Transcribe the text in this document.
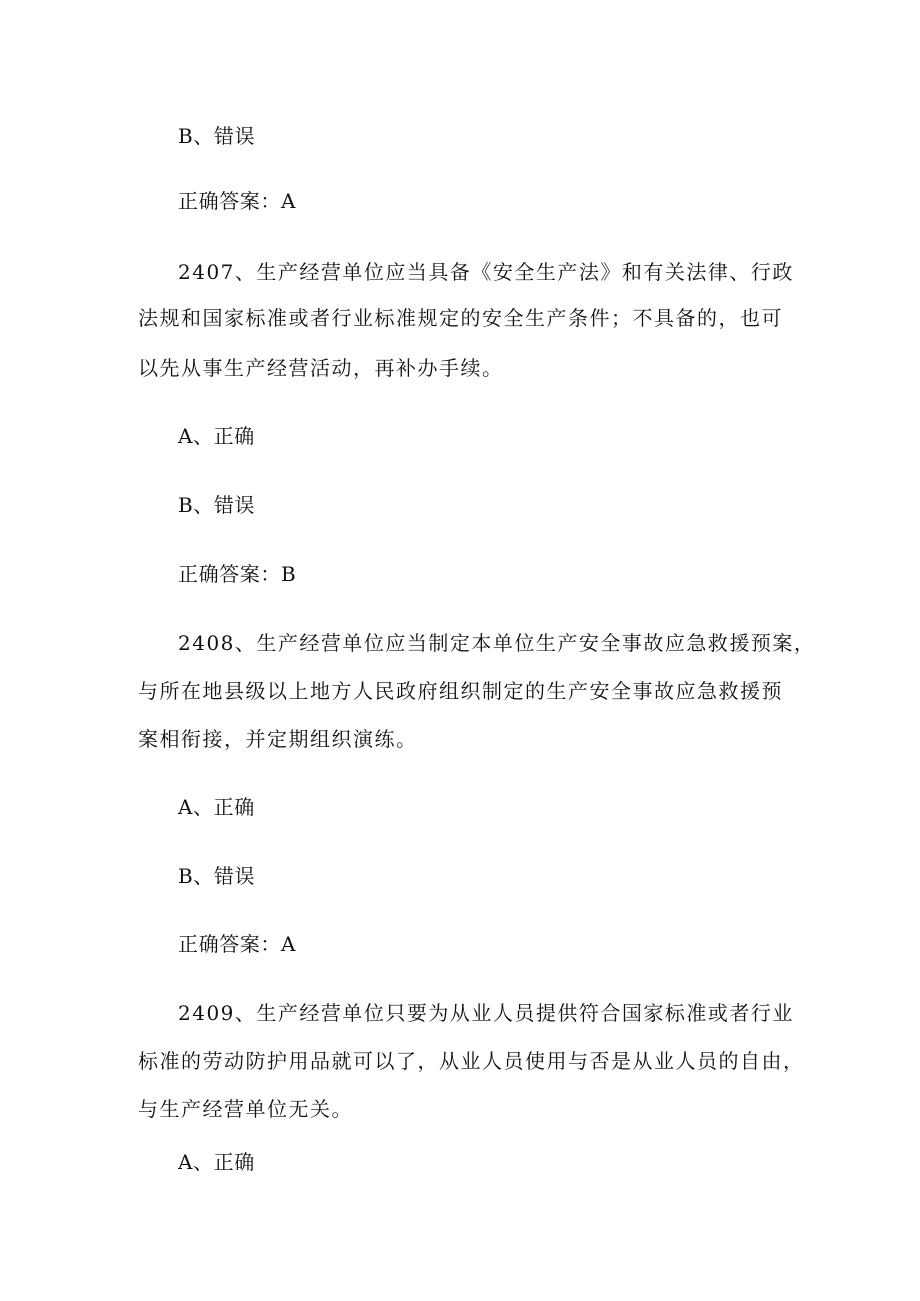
B、错误
正确答案：A
2407、生产经营单位应当具备《安全生产法》和有关法律、行政
法规和国家标准或者行业标准规定的安全生产条件；不具备的，也可
以先从事生产经营活动，再补办手续。
A、正确
B、错误
正确答案：B
2408、生产经营单位应当制定本单位生产安全事故应急救援预案，
与所在地县级以上地方人民政府组织制定的生产安全事故应急救援预
案相衔接，并定期组织演练。
A、正确
B、错误
正确答案：A
2409、生产经营单位只要为从业人员提供符合国家标准或者行业
标准的劳动防护用品就可以了，从业人员使用与否是从业人员的自由，
与生产经营单位无关。
A、正确
